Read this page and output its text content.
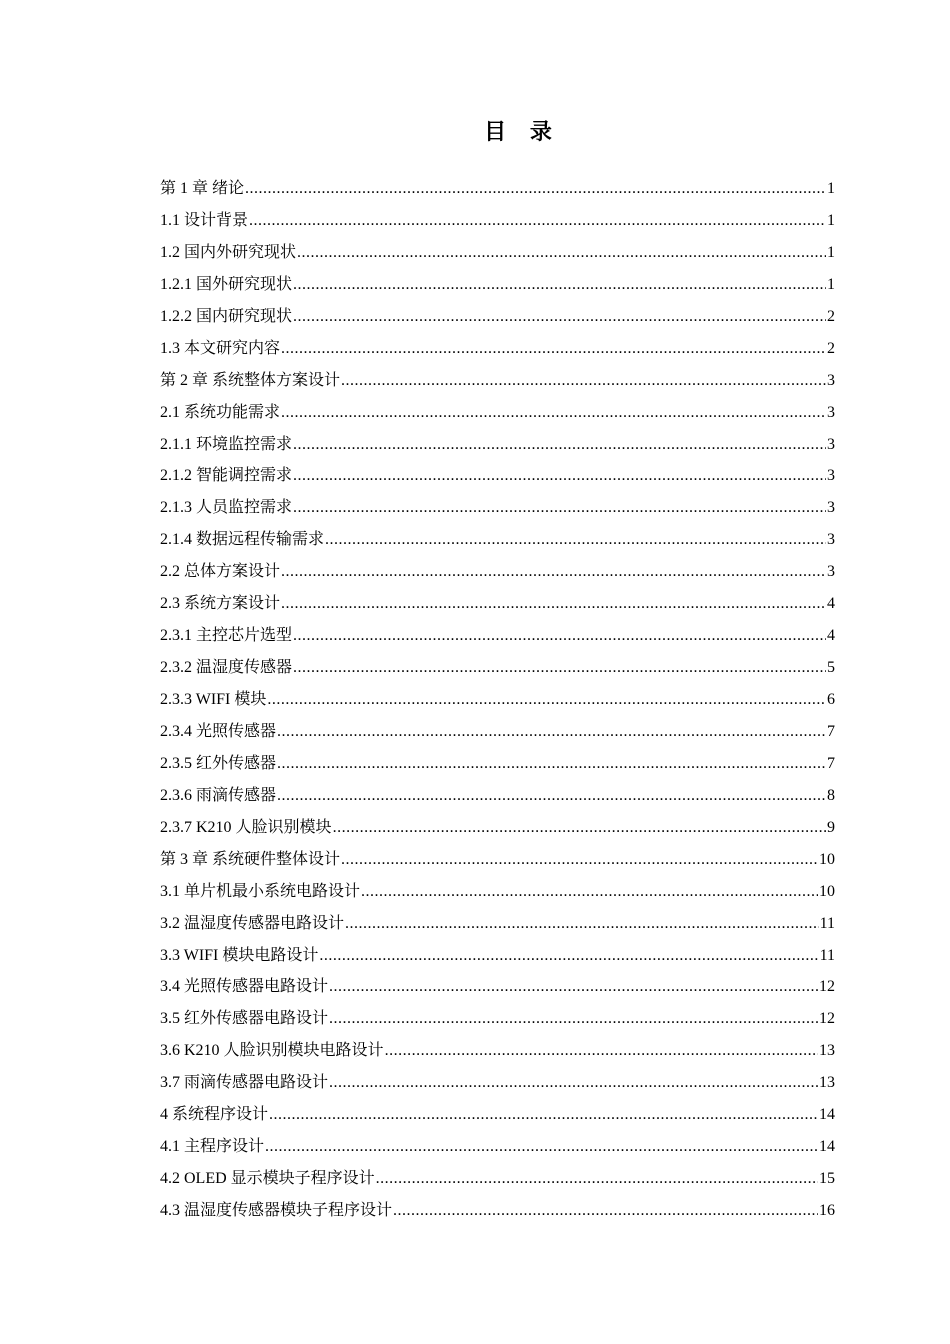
目 录
第 1 章 绪论 .....	1
1.1 设计背景 .....	1
1.2 国内外研究现状 .....	1
1.2.1 国外研究现状 .....	1
1.2.2 国内研究现状 .....	2
1.3 本文研究内容 .....	2
第 2 章 系统整体方案设计 .....	3
2.1 系统功能需求 .....	3
2.1.1 环境监控需求 .....	3
2.1.2 智能调控需求 .....	3
2.1.3 人员监控需求 .....	3
2.1.4 数据远程传输需求 .....	3
2.2 总体方案设计 .....	3
2.3 系统方案设计 .....	4
2.3.1 主控芯片选型 .....	4
2.3.2 温湿度传感器 .....	5
2.3.3 WIFI 模块 .....	6
2.3.4 光照传感器 .....	7
2.3.5 红外传感器 .....	7
2.3.6 雨滴传感器 .....	8
2.3.7 K210 人脸识别模块 .....	9
第 3 章 系统硬件整体设计 .....	10
3.1 单片机最小系统电路设计 .....	10
3.2 温湿度传感器电路设计 .....	11
3.3 WIFI 模块电路设计 .....	11
3.4 光照传感器电路设计 .....	12
3.5 红外传感器电路设计 .....	12
3.6 K210 人脸识别模块电路设计 .....	13
3.7 雨滴传感器电路设计 .....	13
4 系统程序设计 .....	14
4.1 主程序设计 .....	14
4.2 OLED 显示模块子程序设计 .....	15
4.3 温湿度传感器模块子程序设计 .....	16
